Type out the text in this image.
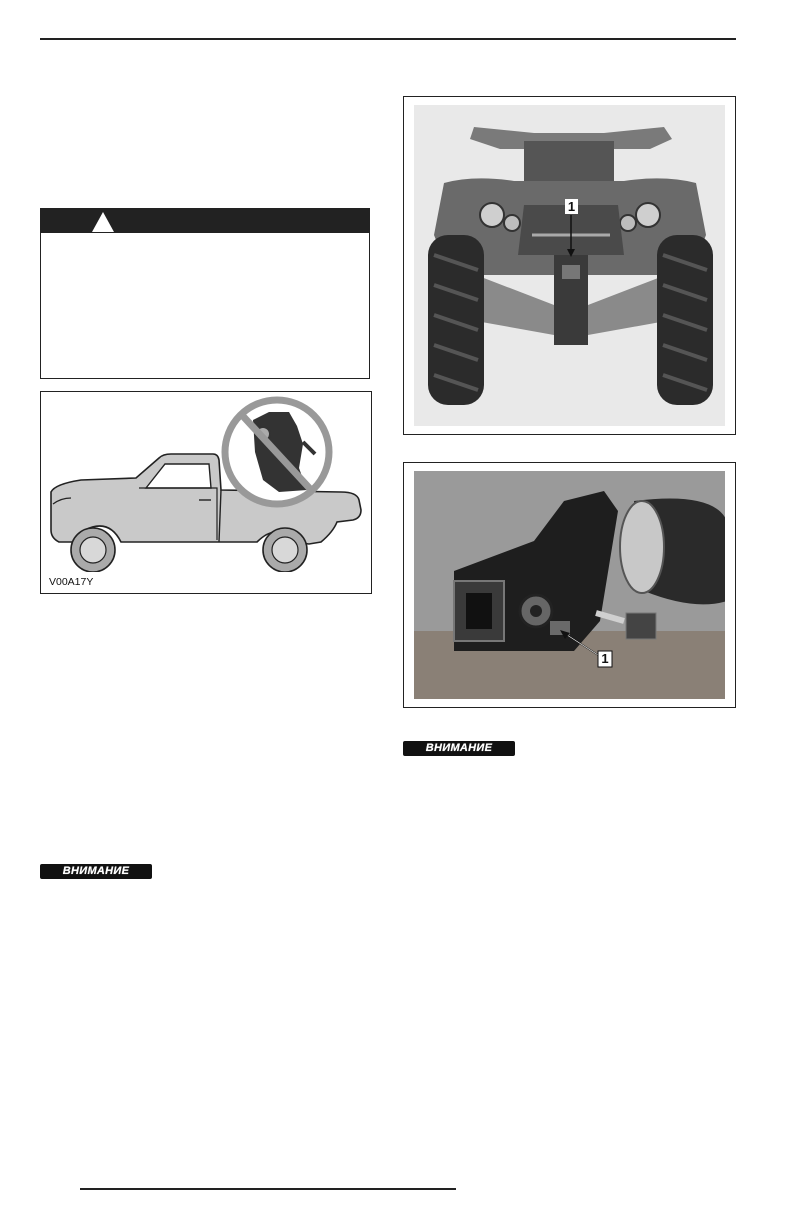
V00A17Y
1
1
ВНИМАНИЕ
ВНИМАНИЕ
